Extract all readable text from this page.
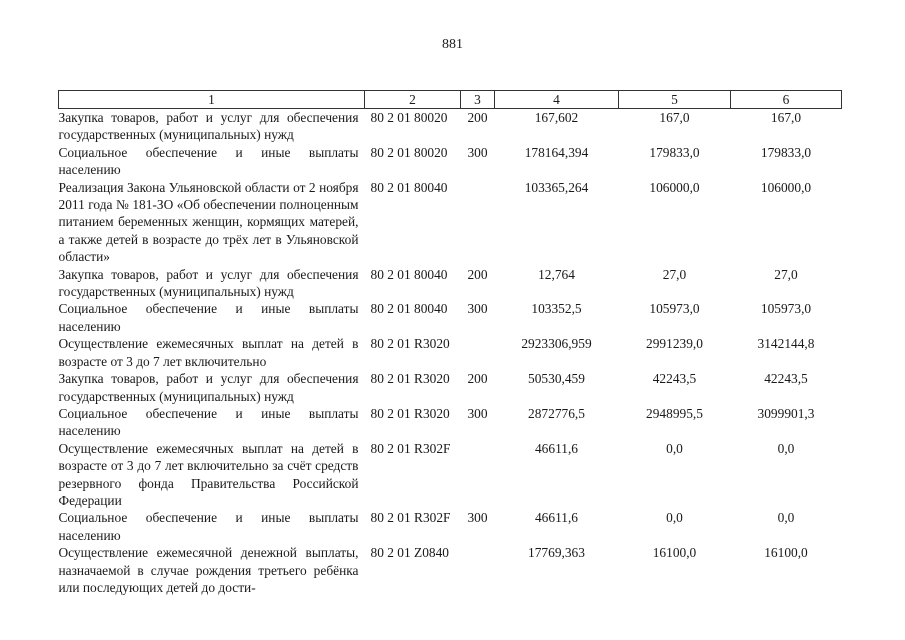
881
1	2	3	4	5	6
Закупка товаров, работ и услуг для обеспечения государственных (муниципальных) нужд	80 2 01 80020	200	167,602	167,0	167,0
Социальное обеспечение и иные выплаты населению	80 2 01 80020	300	178164,394	179833,0	179833,0
Реализация Закона Ульяновской области от 2 ноября 2011 года № 181-ЗО «Об обеспечении полноценным питанием беременных женщин, кормящих матерей, а также детей в возрасте до трёх лет в Ульяновской области»	80 2 01 80040		103365,264	106000,0	106000,0
Закупка товаров, работ и услуг для обеспечения государственных (муниципальных) нужд	80 2 01 80040	200	12,764	27,0	27,0
Социальное обеспечение и иные выплаты населению	80 2 01 80040	300	103352,5	105973,0	105973,0
Осуществление ежемесячных выплат на детей в возрасте от 3 до 7 лет включительно	80 2 01 R3020		2923306,959	2991239,0	3142144,8
Закупка товаров, работ и услуг для обеспечения государственных (муниципальных) нужд	80 2 01 R3020	200	50530,459	42243,5	42243,5
Социальное обеспечение и иные выплаты населению	80 2 01 R3020	300	2872776,5	2948995,5	3099901,3
Осуществление ежемесячных выплат на детей в возрасте от 3 до 7 лет включительно за счёт средств резервного фонда Правительства Российской Федерации	80 2 01 R302F		46611,6	0,0	0,0
Социальное обеспечение и иные выплаты населению	80 2 01 R302F	300	46611,6	0,0	0,0
Осуществление ежемесячной денежной выплаты, назначаемой в случае рождения третьего ребёнка или последующих детей до дости-	80 2 01 Z0840		17769,363	16100,0	16100,0
